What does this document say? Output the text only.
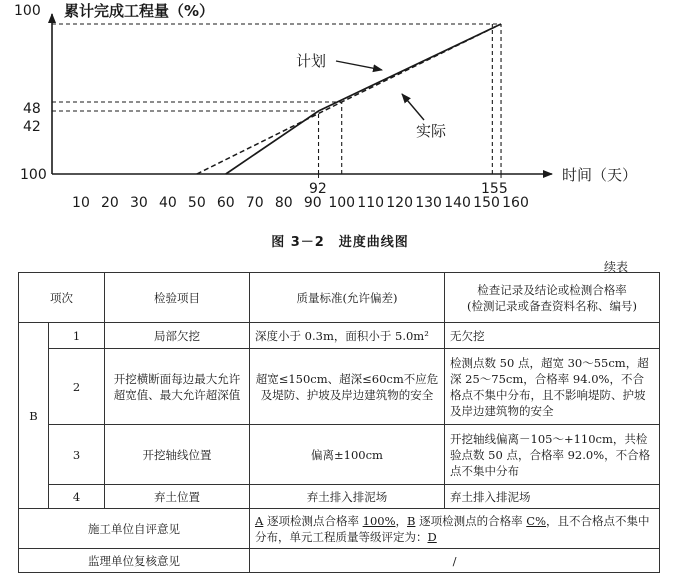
100 累计完成工程量（%）
100	时间（天）
48
42
92	155
10 20 30 40 50 60 70 80 90 100 110 120 130 140 150 160
计划
实际
图 3－2　进度曲线图
续表
项次		检验项目	质量标准(允许偏差)	检查记录及结论或检测合格率
(检测记录或备查资料名称、编号)

B	1	局部欠挖	深度小于 0.3m，面积小于 5.0m²	无欠挖
	2	开挖横断面每边最大允许超宽值、最大允许超深值	超宽≤150cm、超深≤60cm不应危及堤防、护坡及岸边建筑物的安全	检测点数 50 点，超宽 30～55cm，超深 25～75cm，合格率 94.0%，不合格点不集中分布，且不影响堤防、护坡及岸边建筑物的安全
	3	开挖轴线位置	偏离±100cm	开挖轴线偏离－105～+110cm，共检验点数 50 点，合格率 92.0%，不合格点不集中分布
	4	弃土位置	弃土排入排泥场	弃土排入排泥场
施工单位自评意见			A 逐项检测点合格率 100%，B 逐项检测点的合格率 C%，且不合格点不集中分布，单元工程质量等级评定为：D	
监理单位复核意见			/	
